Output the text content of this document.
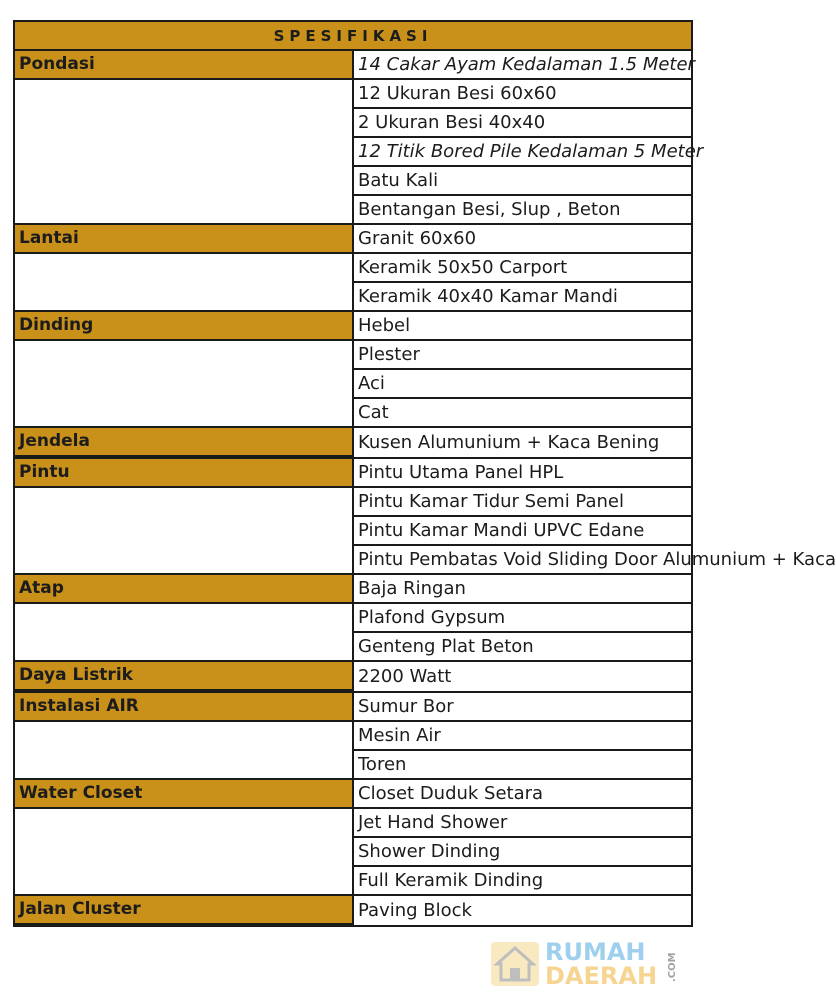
SPESIFIKASI	

Pondasi	14 Cakar Ayam Kedalaman 1.5 Meter
	12 Ukuran Besi 60x60
	2 Ukuran Besi 40x40
	12 Titik Bored Pile Kedalaman 5 Meter
	Batu Kali
	Bentangan Besi, Slup , Beton

Lantai	Granit 60x60
	Keramik 50x50 Carport
	Keramik 40x40 Kamar Mandi

Dinding	Hebel
	Plester
	Aci
	Cat

Jendela	Kusen Alumunium + Kaca Bening

Pintu	Pintu Utama Panel HPL
	Pintu Kamar Tidur Semi Panel
	Pintu Kamar Mandi UPVC Edane
	Pintu Pembatas Void Sliding Door Alumunium + Kaca

Atap	Baja Ringan
	Plafond Gypsum
	Genteng Plat Beton

Daya Listrik	2200 Watt

Instalasi AIR	Sumur Bor
	Mesin Air
	Toren

Water Closet	Closet Duduk Setara
	Jet Hand Shower
	Shower Dinding
	Full Keramik Dinding

Jalan Cluster	Paving Block
RUMAH
DAERAH .COM
